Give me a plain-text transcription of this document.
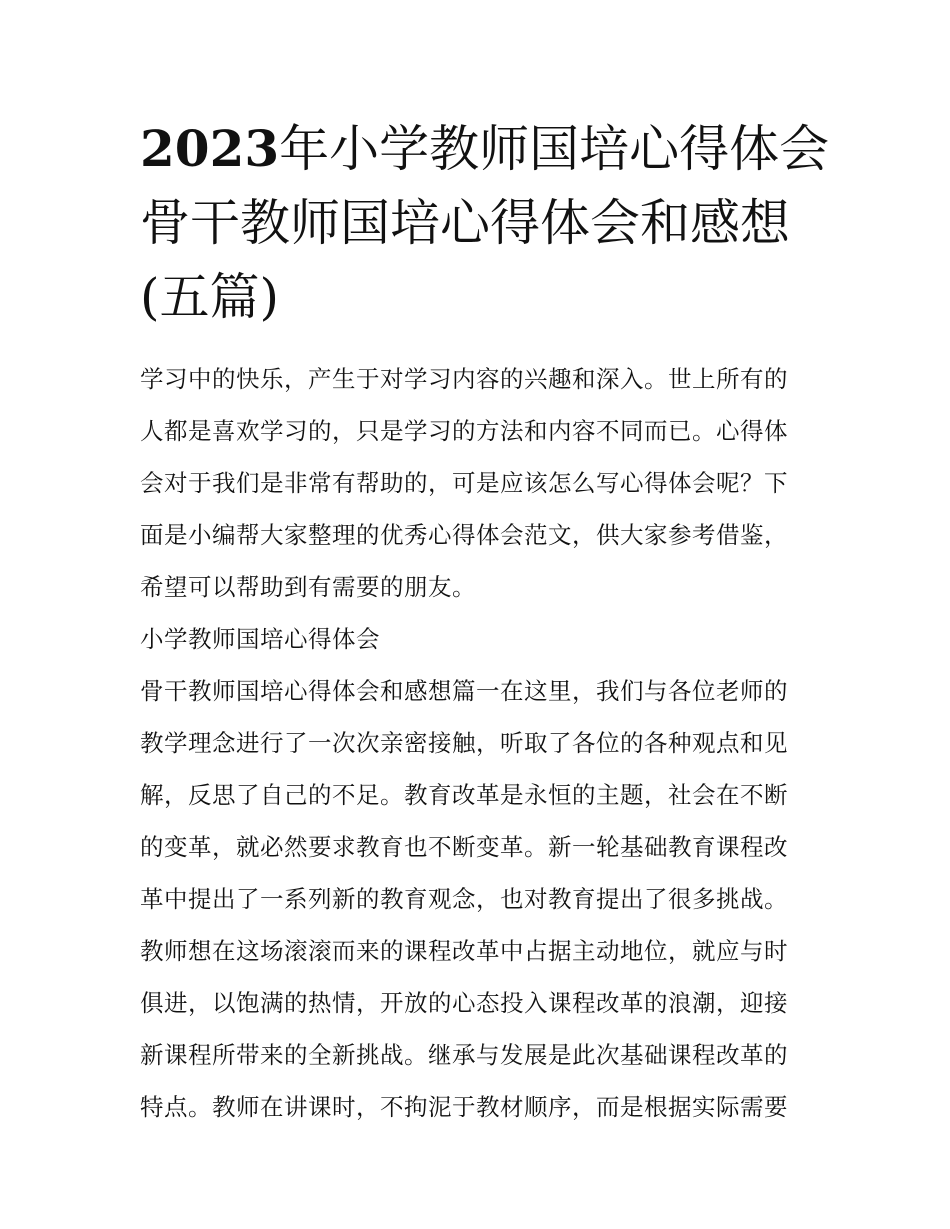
2023年小学教师国培心得体会
骨干教师国培心得体会和感想
(五篇)

学习中的快乐，产生于对学习内容的兴趣和深入。世上所有的
人都是喜欢学习的，只是学习的方法和内容不同而已。心得体
会对于我们是非常有帮助的，可是应该怎么写心得体会呢？下
面是小编帮大家整理的优秀心得体会范文，供大家参考借鉴，
希望可以帮助到有需要的朋友。

小学教师国培心得体会

骨干教师国培心得体会和感想篇一在这里，我们与各位老师的
教学理念进行了一次次亲密接触，听取了各位的各种观点和见
解，反思了自己的不足。教育改革是永恒的主题，社会在不断
的变革，就必然要求教育也不断变革。新一轮基础教育课程改
革中提出了一系列新的教育观念，也对教育提出了很多挑战。
教师想在这场滚滚而来的课程改革中占据主动地位，就应与时
俱进，以饱满的热情，开放的心态投入课程改革的浪潮，迎接
新课程所带来的全新挑战。继承与发展是此次基础课程改革的
特点。教师在讲课时，不拘泥于教材顺序，而是根据实际需要
